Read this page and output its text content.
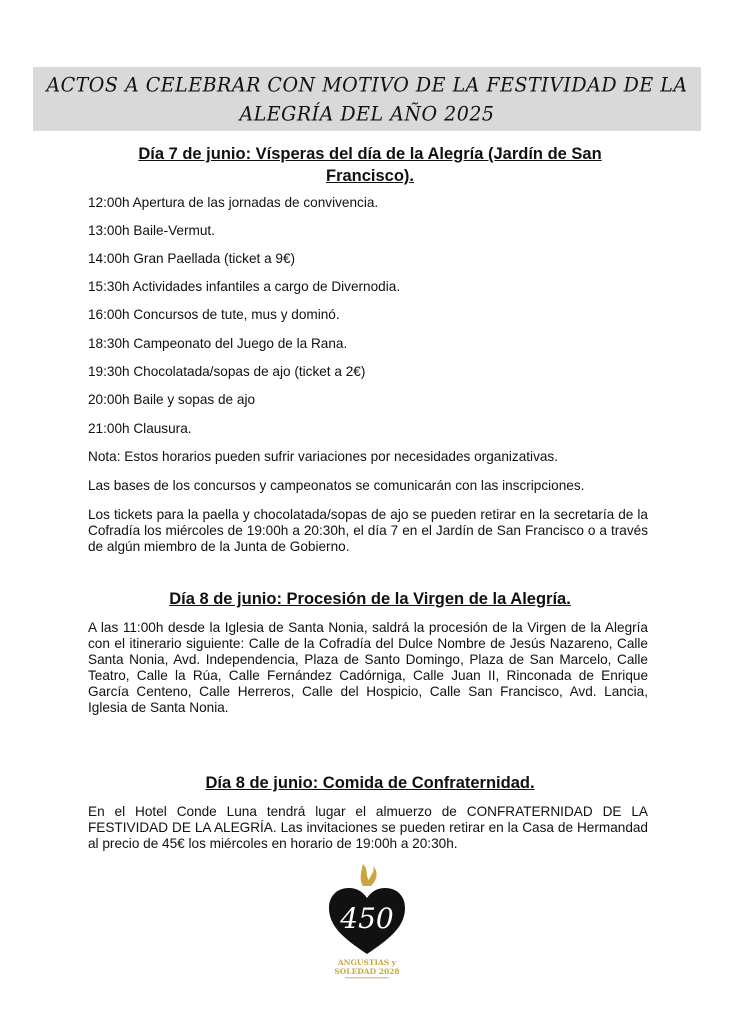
ACTOS A CELEBRAR CON MOTIVO DE LA FESTIVIDAD DE LA
ALEGRÍA DEL AÑO 2025
Día 7 de junio: Vísperas del día de la Alegría (Jardín de San
Francisco).
12:00h Apertura de las jornadas de convivencia.
13:00h Baile-Vermut.
14:00h Gran Paellada (ticket a 9€)
15:30h Actividades infantiles a cargo de Divernodia.
16:00h Concursos de tute, mus y dominó.
18:30h Campeonato del Juego de la Rana.
19:30h Chocolatada/sopas de ajo (ticket a 2€)
20:00h Baile y sopas de ajo
21:00h Clausura.
Nota: Estos horarios pueden sufrir variaciones por necesidades organizativas.
Las bases de los concursos y campeonatos se comunicarán con las inscripciones.
Los tickets para la paella y chocolatada/sopas de ajo se pueden retirar en la secretaría de la Cofradía los miércoles de 19:00h a 20:30h, el día 7 en el Jardín de San Francisco o a través de algún miembro de la Junta de Gobierno.
Día 8 de junio: Procesión de la Virgen de la Alegría.
A las 11:00h desde la Iglesia de Santa Nonia, saldrá la procesión de la Virgen de la Alegría con el itinerario siguiente: Calle de la Cofradía del Dulce Nombre de Jesús Nazareno, Calle Santa Nonia, Avd. Independencia, Plaza de Santo Domingo, Plaza de San Marcelo, Calle Teatro, Calle la Rúa, Calle Fernández Cadórniga, Calle Juan II, Rinconada de Enrique García Centeno, Calle Herreros, Calle del Hospicio, Calle San Francisco, Avd. Lancia, Iglesia de Santa Nonia.
Día 8 de junio: Comida de Confraternidad.
En el Hotel Conde Luna tendrá lugar el almuerzo de CONFRATERNIDAD DE LA FESTIVIDAD DE LA ALEGRÍA. Las invitaciones se pueden retirar en la Casa de Hermandad al precio de 45€ los miércoles en horario de 19:00h a 20:30h.
450
ANGUSTIAS y
SOLEDAD 2028
